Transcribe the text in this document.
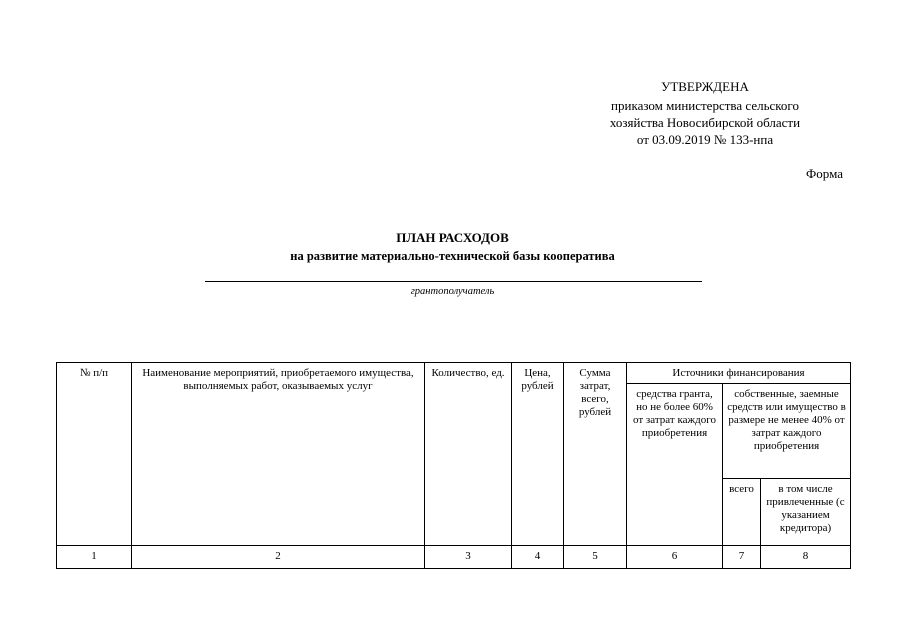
УТВЕРЖДЕНА
приказом министерства сельского
хозяйства Новосибирской области
от 03.09.2019 № 133-нпа
Форма
ПЛАН РАСХОДОВ
на развитие материально-технической базы кооператива
грантополучатель
№ п/п	Наименование мероприятий, приобретаемого имущества, выполняемых работ, оказываемых услуг	Количество, ед.	Цена, рублей	Сумма затрат, всего, рублей	Источники финансирования		
					средства гранта, но не более 60% от затрат каждого приобретения	собственные, заемные средств или имущество в размере не менее 40% от затрат каждого приобретения	
						всего	в том числе привлеченные (с указанием кредитора)
1	2	3	4	5	6	7	8
